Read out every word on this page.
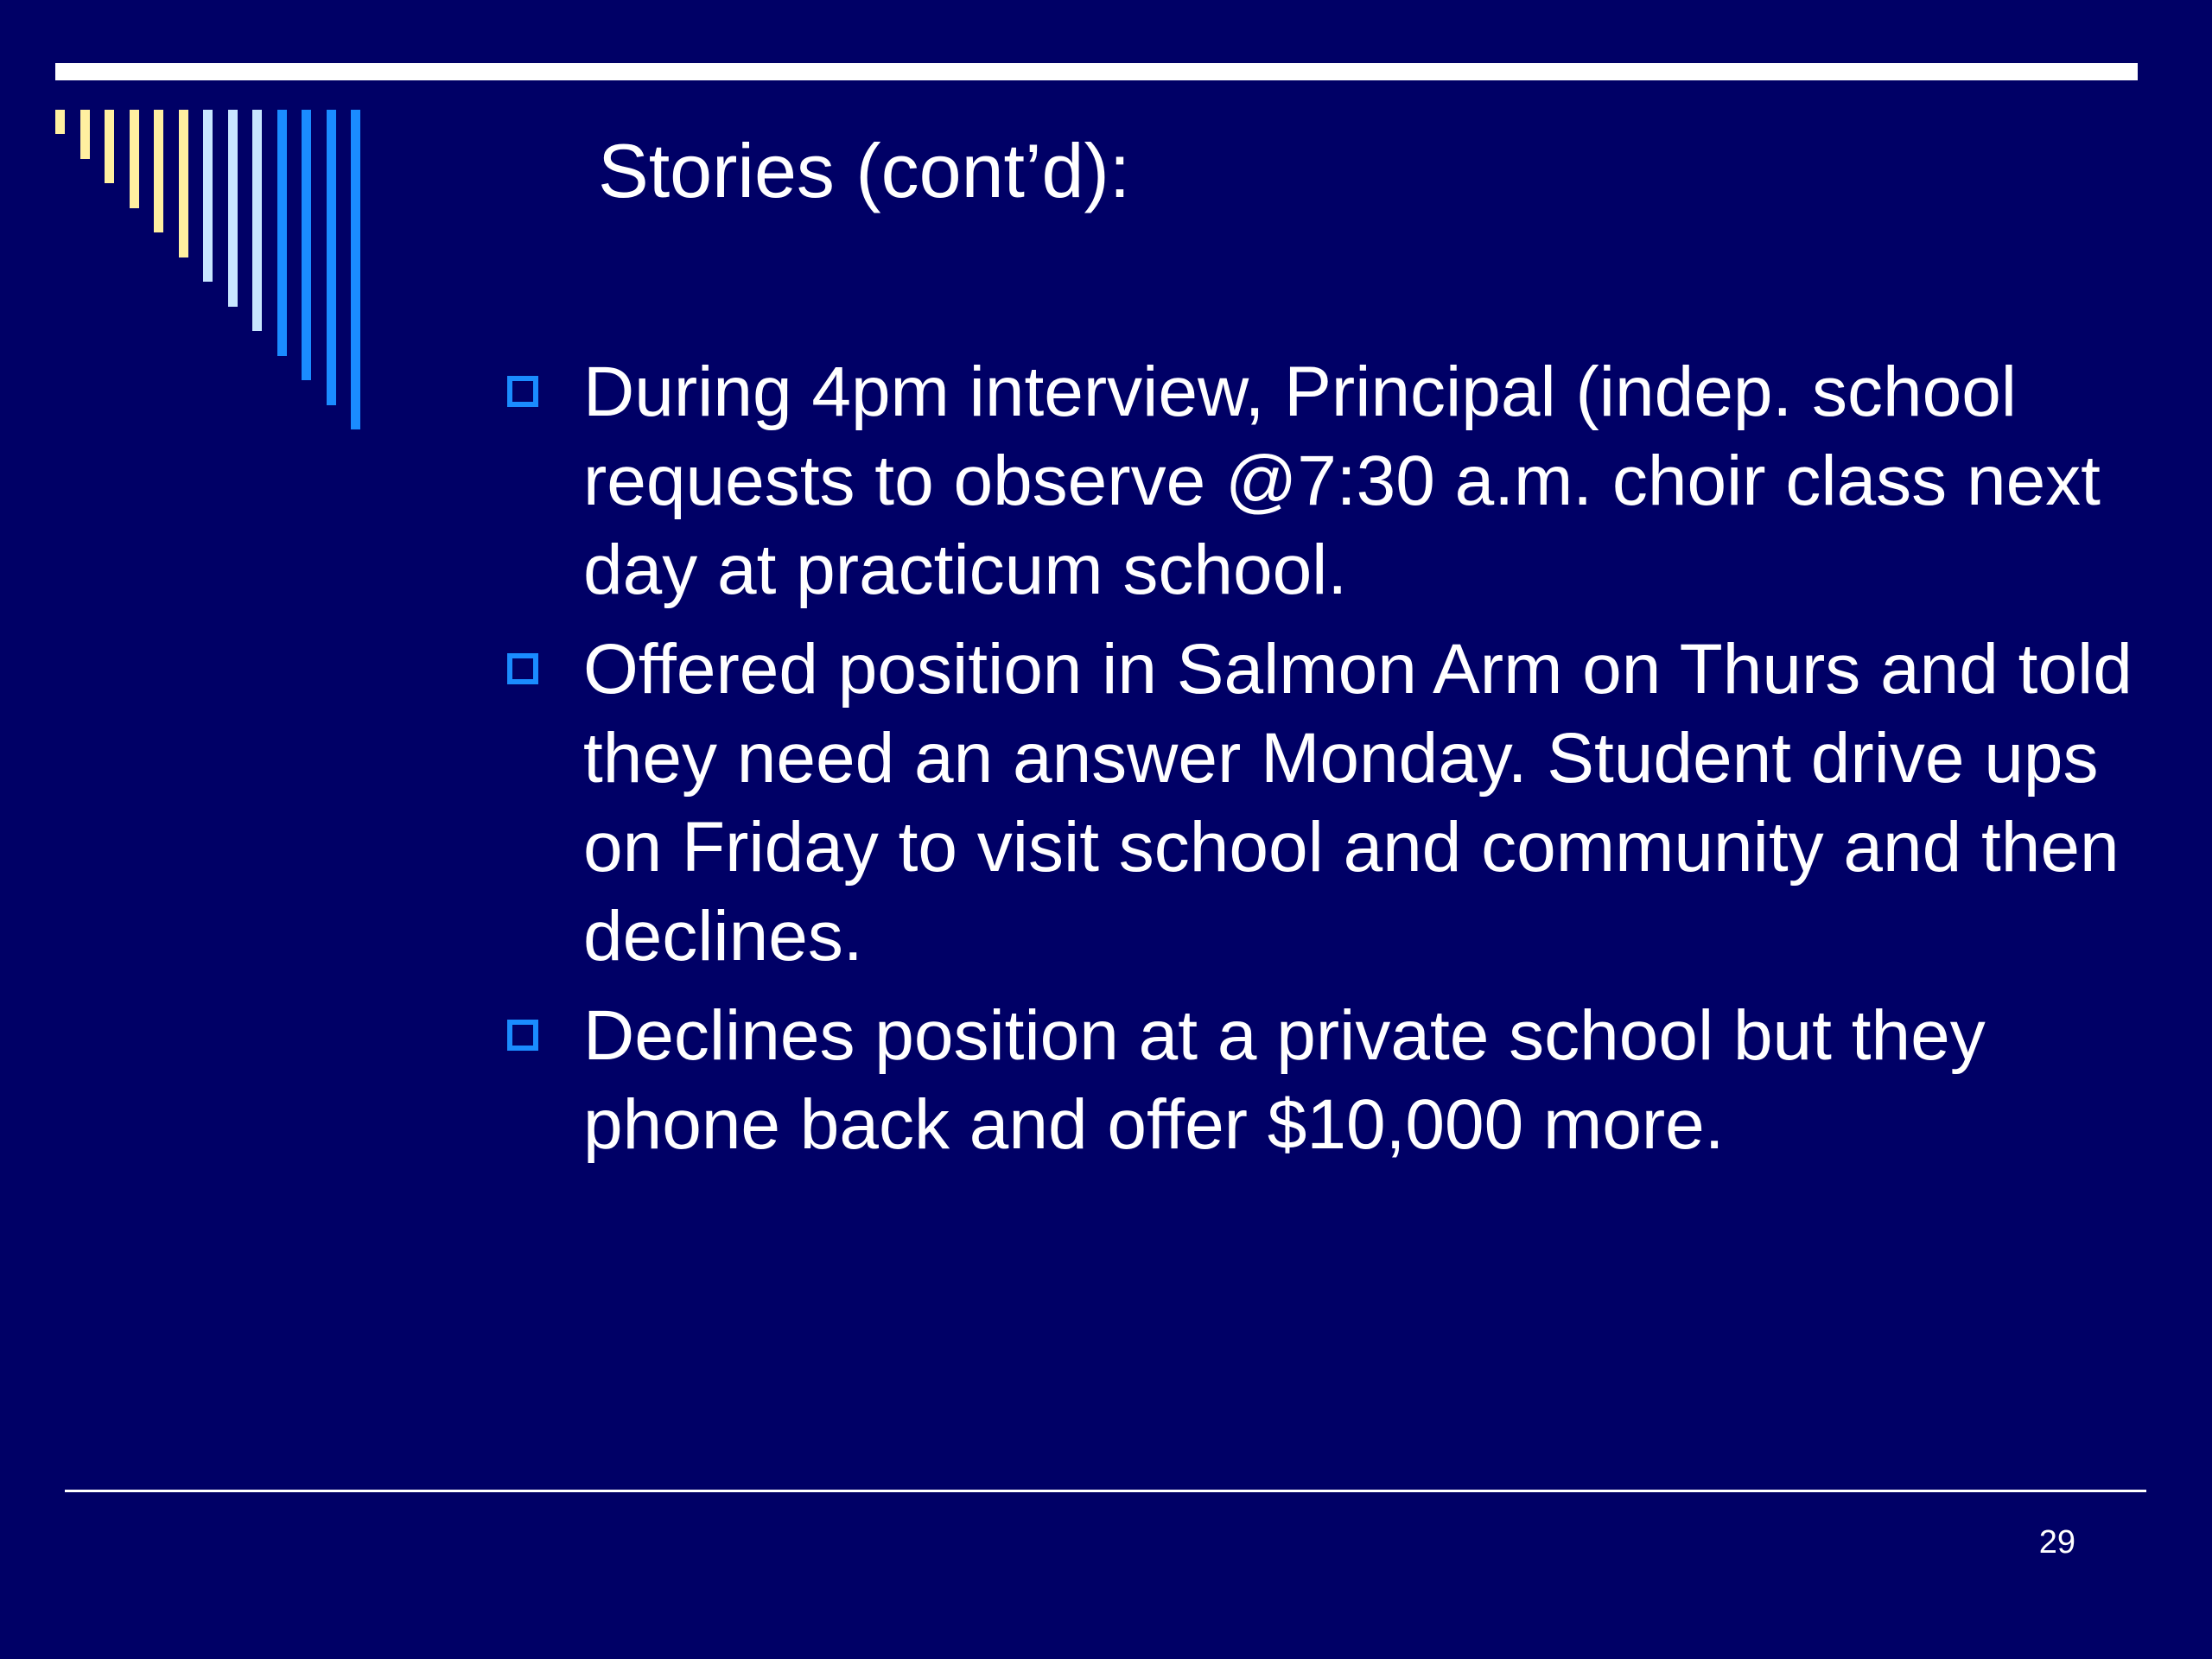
Stories (cont’d):
During 4pm interview, Principal (indep. school requests to observe @7:30 a.m. choir class next day at practicum school.
Offered position in Salmon Arm on Thurs and told they need an answer Monday. Student drive ups on Friday to visit school and community and then declines.
Declines position at a private school but they phone back and offer $10,000 more.
29
